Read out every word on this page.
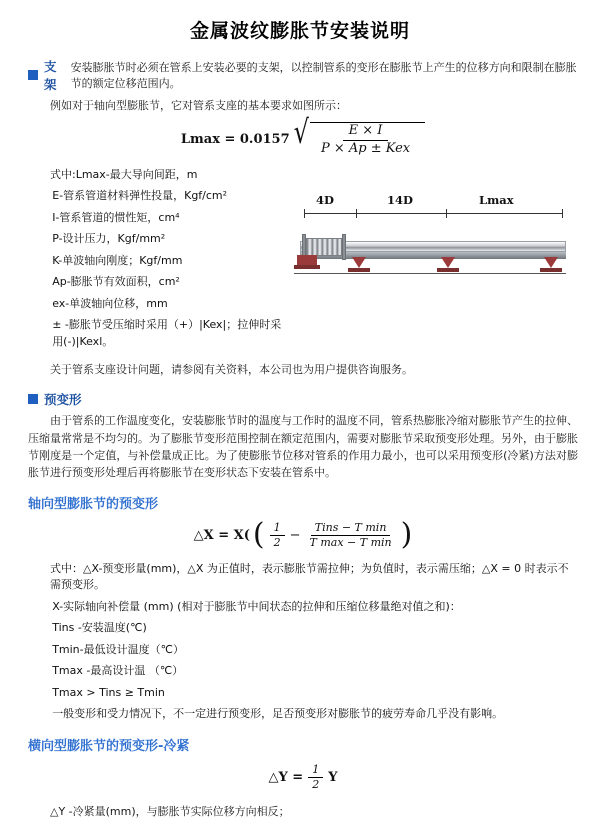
金属波纹膨胀节安装说明
支架
安装膨胀节时必须在管系上安装必要的支架，以控制管系的变形在膨胀节上产生的位移方向和限制在膨胀节的额定位移范围内。

例如对于轴向型膨胀节，它对管系支座的基本要求如图所示：

Lmax = 0.0157 √ $\frac{E \times I}{\text{P × Ap ± Kex}}$

式中:Lmax-最大导向间距，m

E-管系管道材料弹性投量，Kgf/cm²

I-管系管道的惯性矩，cm⁴

P-设计压力，Kgf/mm²

K-单波轴向刚度；Kgf/mm

Ap-膨胀节有效面积，cm²

ex-单波轴向位移，mm

± -膨胀节受压缩时采用（+）|Kex|；拉伸时采用(-)|Kexl。

4D	14D	Lmax

关于管系支座设计问题，请参阅有关资料，本公司也为用户提供咨询服务。

预变形

由于管系的工作温度变化，安装膨胀节时的温度与工作时的温度不同，管系热膨胀冷缩对膨胀节产生的拉伸、压缩量常常是不均匀的。为了膨胀节变形范围控制在额定范围内，需要对膨胀节采取预变形处理。另外，由于膨胀节刚度是一个定值，与补偿量成正比。为了使膨胀节位移对管系的作用力最小，也可以采用预变形(冷紧)方法对膨胀节进行预变形处理后再将膨胀节在变形状态下安装在管系中。

轴向型膨胀节的预变形
△X = X( ( $\frac{1}{2} - \frac{\text{Tins − T min}}{\text{T max − T min}}$ )

式中：△X-预变形量(mm)，△X 为正值时，表示膨胀节需拉伸；为负值时，表示需压缩；△X = 0 时表示不需预变形。

X-实际轴向补偿量 (mm) (相对于膨胀节中间状态的拉伸和压缩位移量绝对值之和)：

Tins -安装温度(℃)

Tmin-最低设计温度（℃）

Tmax -最高设计温 （℃）

Tmax > Tins ≥ Tmin

一般变形和受力情况下，不一定进行预变形，足否预变形对膨胀节的疲劳寿命几乎没有影响。

横向型膨胀节的预变形-冷紧
△Y = $\frac{1}{2}$ Y

△Y -冷紧量(mm)，与膨胀节实际位移方向相反；
